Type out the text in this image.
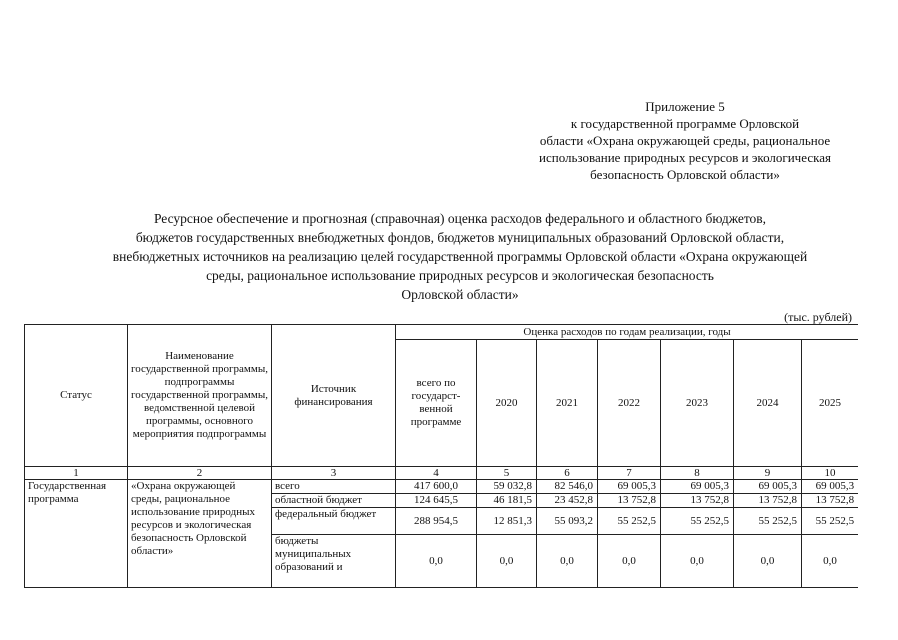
Приложение 5
к государственной программе Орловской
области «Охрана окружающей среды, рациональное
использование природных ресурсов и экологическая
безопасность Орловской области»
Ресурсное обеспечение и прогнозная (справочная) оценка расходов федерального и областного бюджетов,
бюджетов государственных внебюджетных фондов, бюджетов муниципальных образований Орловской области,
внебюджетных источников на реализацию целей государственной программы Орловской области «Охрана окружающей
среды, рациональное использование природных ресурсов и экологическая безопасность
Орловской области»
(тыс. рублей)
Статус	Наименование государственной программы, подпрограммы государственной программы, ведомственной целевой программы, основного мероприятия подпрограммы	Источник финансирования	Оценка расходов по годам реализации, годы						
			всего по государст-венной программе	2020	2021	2022	2023	2024	2025
1	2	3	4	5	6	7	8	9	10
Государственная программа	«Охрана окружающей среды, рациональное использование природных ресурсов и экологическая безопасность Орловской области»	всего	417 600,0	59 032,8	82 546,0	69 005,3	69 005,3	69 005,3	69 005,3
		областной бюджет	124 645,5	46 181,5	23 452,8	13 752,8	13 752,8	13 752,8	13 752,8
		федеральный бюджет	288 954,5	12 851,3	55 093,2	55 252,5	55 252,5	55 252,5	55 252,5
		бюджеты муниципальных образований и	0,0	0,0	0,0	0,0	0,0	0,0	0,0
